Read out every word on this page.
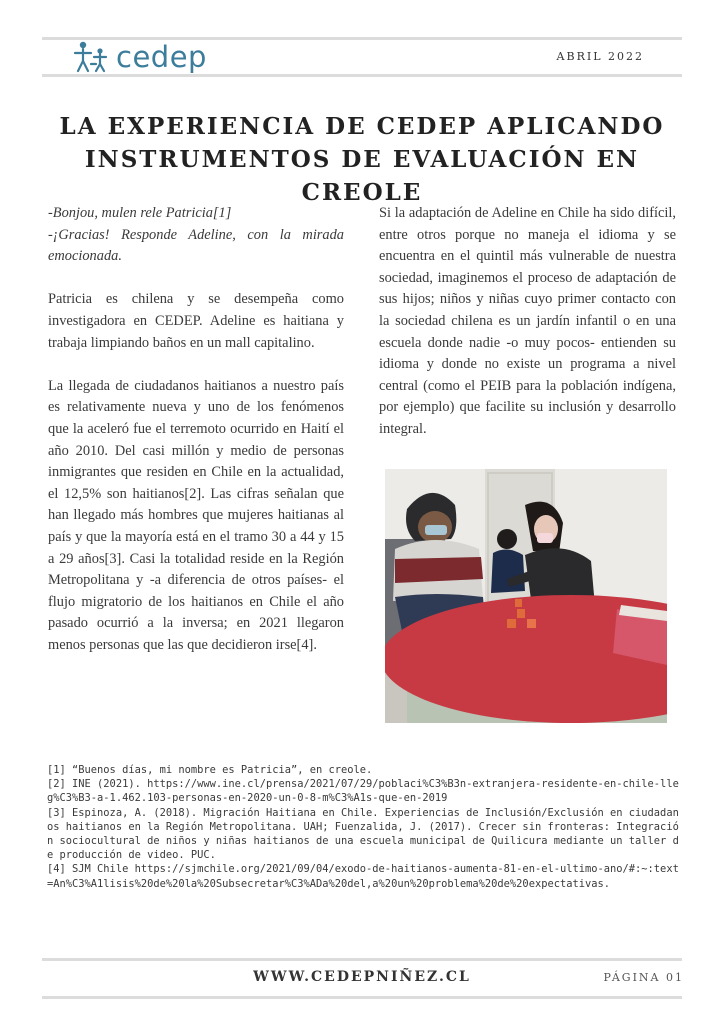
cedep	ABRIL 2022
LA EXPERIENCIA DE CEDEP APLICANDO
INSTRUMENTOS DE EVALUACIÓN EN CREOLE

-Bonjou, mulen rele Patricia[1]

-¡Gracias! Responde Adeline, con la mirada emocionada.

Patricia es chilena y se desempeña como investigadora en CEDEP. Adeline es haitiana y trabaja limpiando baños en un mall capitalino.

La llegada de ciudadanos haitianos a nuestro país es relativamente nueva y uno de los fenómenos que la aceleró fue el terremoto ocurrido en Haití el año 2010. Del casi millón y medio de personas inmigrantes que residen en Chile en la actualidad, el 12,5% son haitianos[2]. Las cifras señalan que han llegado más hombres que mujeres haitianas al país y que la mayoría está en el tramo 30 a 44 y 15 a 29 años[3]. Casi la totalidad reside en la Región Metropolitana y -a diferencia de otros países- el flujo migratorio de los haitianos en Chile el año pasado ocurrió a la inversa; en 2021 llegaron menos personas que las que decidieron irse[4].

Si la adaptación de Adeline en Chile ha sido difícil, entre otros porque no maneja el idioma y se encuentra en el quintil más vulnerable de nuestra sociedad, imaginemos el proceso de adaptación de sus hijos; niños y niñas cuyo primer contacto con la sociedad chilena es un jardín infantil o en una escuela donde nadie -o muy pocos- entienden su idioma y donde no existe un programa a nivel central (como el PEIB para la población indígena, por ejemplo) que facilite su inclusión y desarrollo integral.

[1] “Buenos días, mi nombre es Patricia”, en creole.
[2] INE (2021). https://www.ine.cl/prensa/2021/07/29/poblaci%C3%B3n-extranjera-residente-en-chile-lleg%C3%B3-a-1.462.103-personas-en-2020-un-0-8-m%C3%A1s-que-en-2019
[3] Espinoza, A. (2018). Migración Haitiana en Chile. Experiencias de Inclusión/Exclusión en ciudadanos haitianos en la Región Metropolitana. UAH; Fuenzalida, J. (2017). Crecer sin fronteras: Integración sociocultural de niños y niñas haitianos de una escuela municipal de Quilicura mediante un taller de producción de video. PUC.
[4] SJM Chile https://sjmchile.org/2021/09/04/exodo-de-haitianos-aumenta-81-en-el-ultimo-ano/#:~:text=An%C3%A1lisis%20de%20la%20Subsecretar%C3%ADa%20del,a%20un%20problema%20de%20expectativas.
WWW.CEDEPNIÑEZ.CL	PÁGINA 01
